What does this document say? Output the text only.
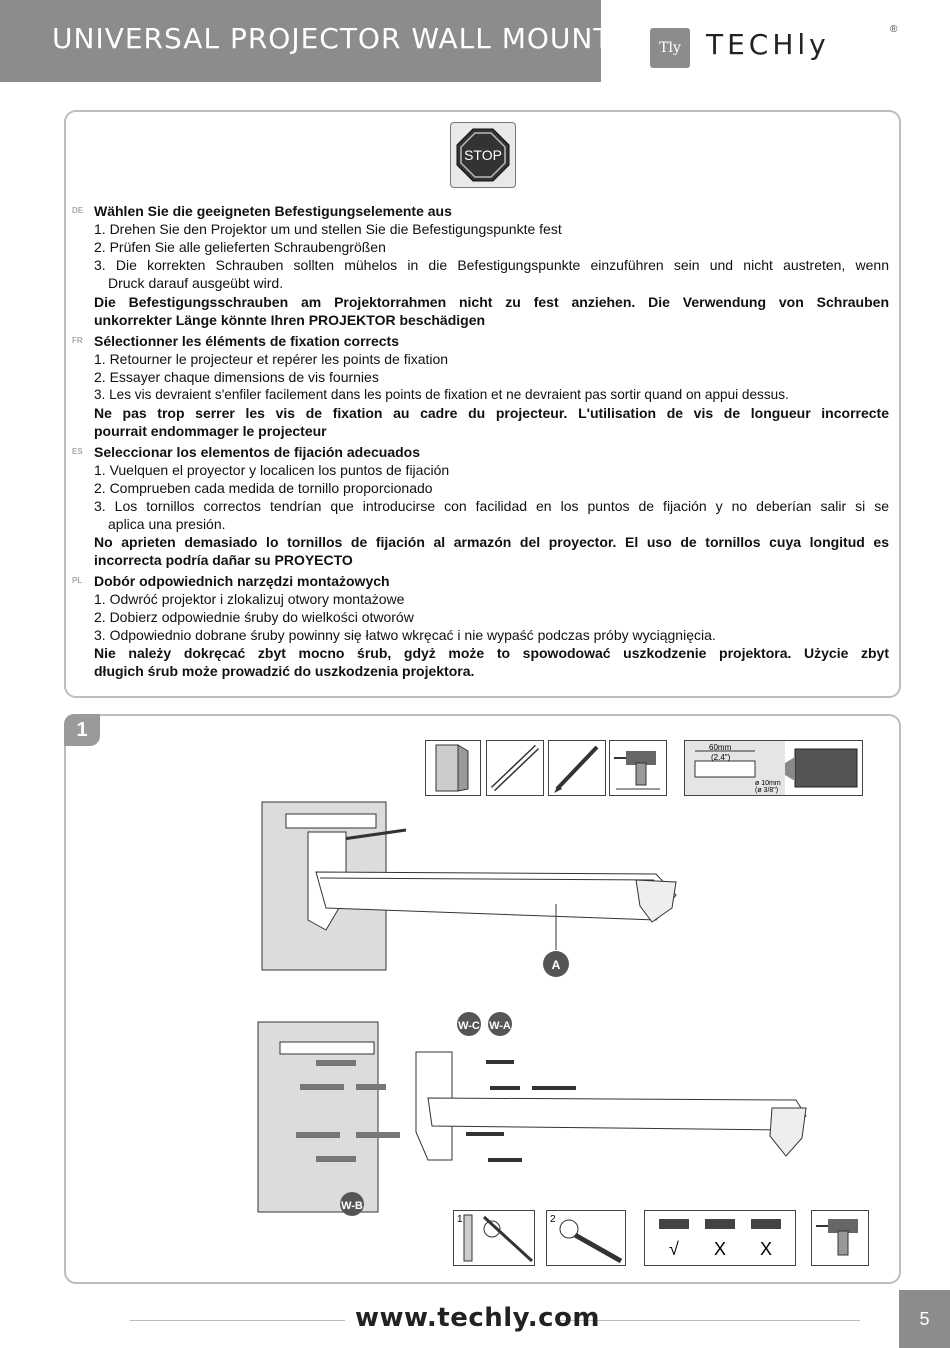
UNIVERSAL PROJECTOR WALL MOUNT	Tly TECHly	®
STOP
DE Wählen Sie die geeigneten Befestigungselemente aus
1. Drehen Sie den Projektor um und stellen Sie die Befestigungspunkte fest
2. Prüfen Sie alle gelieferten Schraubengrößen
3. Die korrekten Schrauben sollten mühelos in die Befestigungspunkte einzuführen sein und nicht austreten, wenn
Druck darauf ausgeübt wird.
Die Befestigungsschrauben am Projektorrahmen nicht zu fest anziehen. Die Verwendung von Schrauben
unkorrekter Länge könnte Ihren PROJEKTOR beschädigen
FR Sélectionner les éléments de fixation corrects
1. Retourner le projecteur et repérer les points de fixation
2. Essayer chaque dimensions de vis fournies
3. Les vis devraient s'enfiler facilement dans les points de fixation et ne devraient pas sortir quand on appui dessus.
Ne pas trop serrer les vis de fixation au cadre du projecteur. L'utilisation de vis de longueur incorrecte
pourrait endommager le projecteur
ES Seleccionar los elementos de fijación adecuados
1. Vuelquen el proyector y localicen los puntos de fijación
2. Comprueben cada medida de tornillo proporcionado
3. Los tornillos correctos tendrían que introducirse con facilidad en los puntos de fijación y no deberían salir si se
aplica una presión.
No aprieten demasiado lo tornillos de fijación al armazón del proyector. El uso de tornillos cuya longitud es
incorrecta podría dañar su PROYECTO
PL Dobór odpowiednich narzędzi montażowych
1. Odwróć projektor i zlokalizuj otwory montażowe
2. Dobierz odpowiednie śruby do wielkości otworów
3. Odpowiednio dobrane śruby powinny się łatwo wkręcać i nie wypaść podczas próby wyciągnięcia.
Nie należy dokręcać zbyt mocno śrub, gdyż może to spowodować uszkodzenie projektora. Użycie zbyt
długich śrub może prowadzić do uszkodzenia projektora.
1
60mm
(2.4")
ø 10mm
(ø 3/8")
A
W-C W-A
W-B
1	2
√ X X
www.techly.com	5
